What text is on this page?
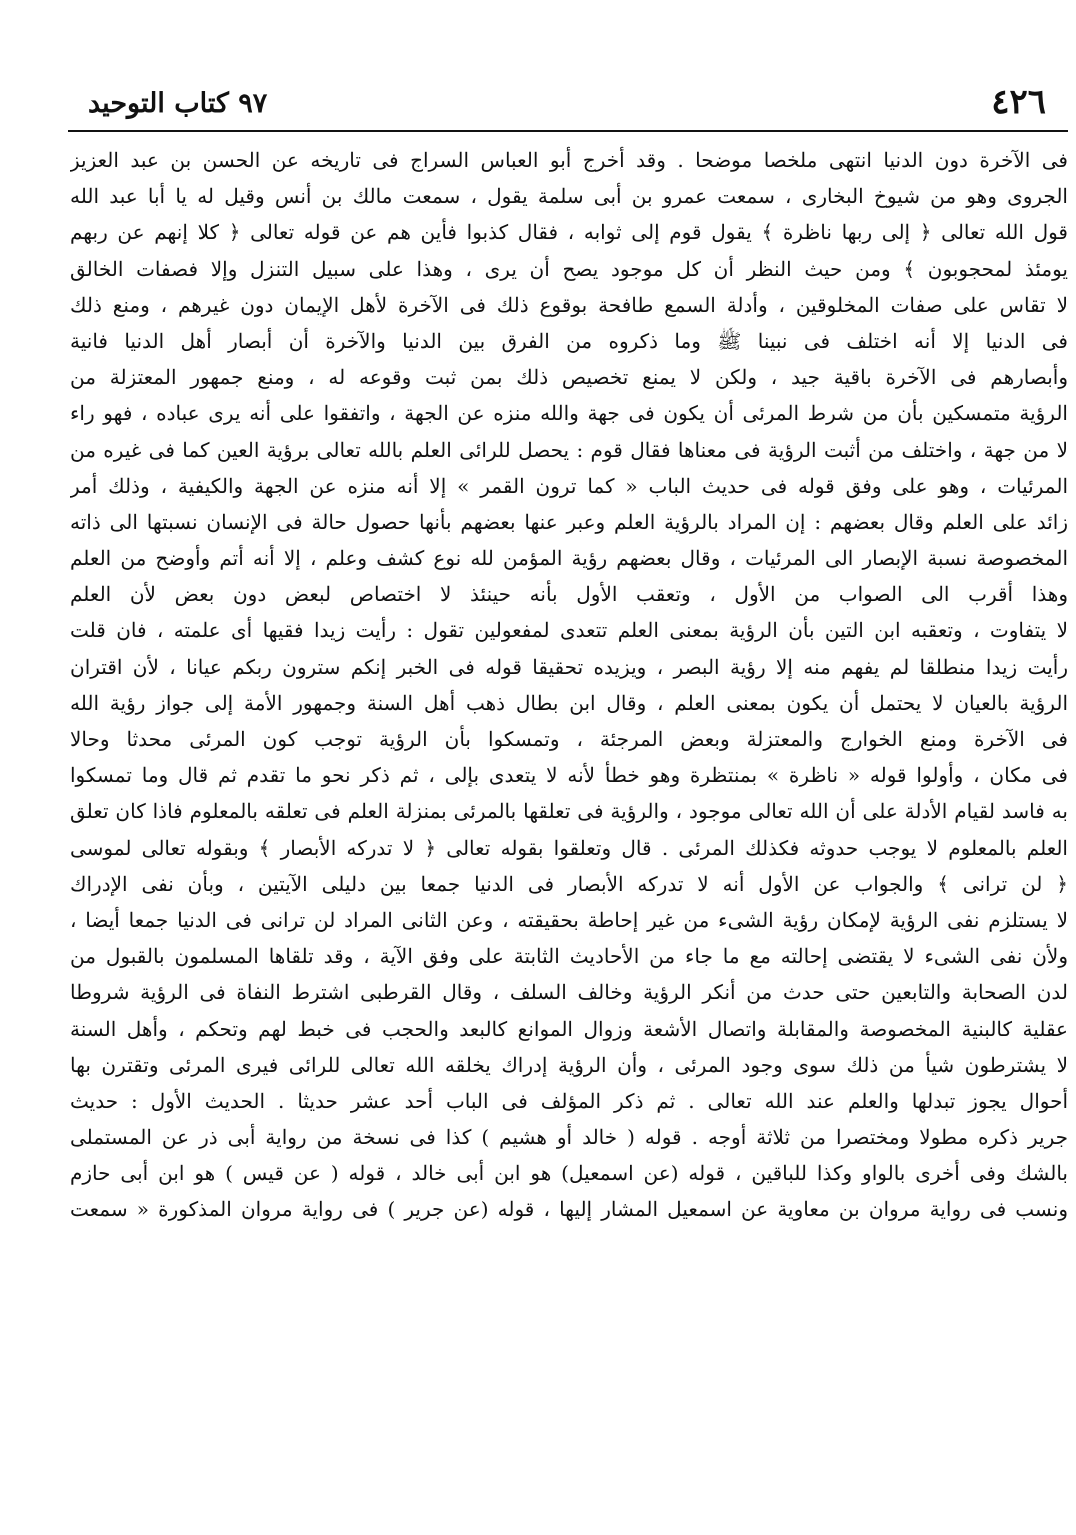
٤٢٦
٩٧ كتاب التوحيد
فى الآخرة دون الدنيا انتهى ملخصا موضحا . وقد أخرج أبو العباس السراج فى تاريخه عن الحسن بن عبد العزيز
الجروى وهو من شيوخ البخارى ، سمعت عمرو بن أبى سلمة يقول ، سمعت مالك بن أنس وقيل له يا أبا عبد الله
قول الله تعالى ﴿ إلى ربها ناظرة ﴾ يقول قوم إلى ثوابه ، فقال كذبوا فأين هم عن قوله تعالى ﴿ كلا إنهم عن ربهم
يومئذ لمحجوبون ﴾ ومن حيث النظر أن كل موجود يصح أن يرى ، وهذا على سبيل التنزل وإلا فصفات الخالق
لا تقاس على صفات المخلوقين ، وأدلة السمع طافحة بوقوع ذلك فى الآخرة لأهل الإيمان دون غيرهم ، ومنع ذلك
فى الدنيا إلا أنه اختلف فى نبينا ﷺ وما ذكروه من الفرق بين الدنيا والآخرة أن أبصار أهل الدنيا فانية
وأبصارهم فى الآخرة باقية جيد ، ولكن لا يمنع تخصيص ذلك بمن ثبت وقوعه له ، ومنع جمهور المعتزلة من
الرؤية متمسكين بأن من شرط المرئى أن يكون فى جهة والله منزه عن الجهة ، واتفقوا على أنه يرى عباده ، فهو راء
لا من جهة ، واختلف من أثبت الرؤية فى معناها فقال قوم : يحصل للرائى العلم بالله تعالى برؤية العين كما فى غيره من
المرئيات ، وهو على وفق قوله فى حديث الباب « كما ترون القمر » إلا أنه منزه عن الجهة والكيفية ، وذلك أمر
زائد على العلم وقال بعضهم : إن المراد بالرؤية العلم وعبر عنها بعضهم بأنها حصول حالة فى الإنسان نسبتها الى ذاته
المخصوصة نسبة الإبصار الى المرئيات ، وقال بعضهم رؤية المؤمن لله نوع كشف وعلم ، إلا أنه أتم وأوضح من العلم
وهذا أقرب الى الصواب من الأول ، وتعقب الأول بأنه حينئذ لا اختصاص لبعض دون بعض لأن العلم
لا يتفاوت ، وتعقبه ابن التين بأن الرؤية بمعنى العلم تتعدى لمفعولين تقول : رأيت زيدا فقيها أى علمته ، فان قلت
رأيت زيدا منطلقا لم يفهم منه إلا رؤية البصر ، ويزيده تحقيقا قوله فى الخبر إنكم سترون ربكم عيانا ، لأن اقتران
الرؤية بالعيان لا يحتمل أن يكون بمعنى العلم ، وقال ابن بطال ذهب أهل السنة وجمهور الأمة إلى جواز رؤية الله
فى الآخرة ومنع الخوارج والمعتزلة وبعض المرجئة ، وتمسكوا بأن الرؤية توجب كون المرئى محدثا وحالا
فى مكان ، وأولوا قوله « ناظرة » بمنتظرة وهو خطأ لأنه لا يتعدى بإلى ، ثم ذكر نحو ما تقدم ثم قال وما تمسكوا
به فاسد لقيام الأدلة على أن الله تعالى موجود ، والرؤية فى تعلقها بالمرئى بمنزلة العلم فى تعلقه بالمعلوم فاذا كان تعلق
العلم بالمعلوم لا يوجب حدوثه فكذلك المرئى . قال وتعلقوا بقوله تعالى ﴿ لا تدركه الأبصار ﴾ وبقوله تعالى لموسى
﴿ لن ترانى ﴾ والجواب عن الأول أنه لا تدركه الأبصار فى الدنيا جمعا بين دليلى الآيتين ، وبأن نفى الإدراك
لا يستلزم نفى الرؤية لإمكان رؤية الشىء من غير إحاطة بحقيقته ، وعن الثانى المراد لن ترانى فى الدنيا جمعا أيضا ،
ولأن نفى الشىء لا يقتضى إحالته مع ما جاء من الأحاديث الثابتة على وفق الآية ، وقد تلقاها المسلمون بالقبول من
لدن الصحابة والتابعين حتى حدث من أنكر الرؤية وخالف السلف ، وقال القرطبى اشترط النفاة فى الرؤية شروطا
عقلية كالبنية المخصوصة والمقابلة واتصال الأشعة وزوال الموانع كالبعد والحجب فى خبط لهم وتحكم ، وأهل السنة
لا يشترطون شيأ من ذلك سوى وجود المرئى ، وأن الرؤية إدراك يخلقه الله تعالى للرائى فيرى المرئى وتقترن بها
أحوال يجوز تبدلها والعلم عند الله تعالى . ثم ذكر المؤلف فى الباب أحد عشر حديثا . الحديث الأول : حديث
جرير ذكره مطولا ومختصرا من ثلاثة أوجه . قوله ( خالد أو هشيم ) كذا فى نسخة من رواية أبى ذر عن المستملى
بالشك وفى أخرى بالواو وكذا للباقين ، قوله (عن اسمعيل) هو ابن أبى خالد ، قوله ( عن قيس ) هو ابن أبى حازم
ونسب فى رواية مروان بن معاوية عن اسمعيل المشار إليها ، قوله (عن جرير ) فى رواية مروان المذكورة « سمعت
